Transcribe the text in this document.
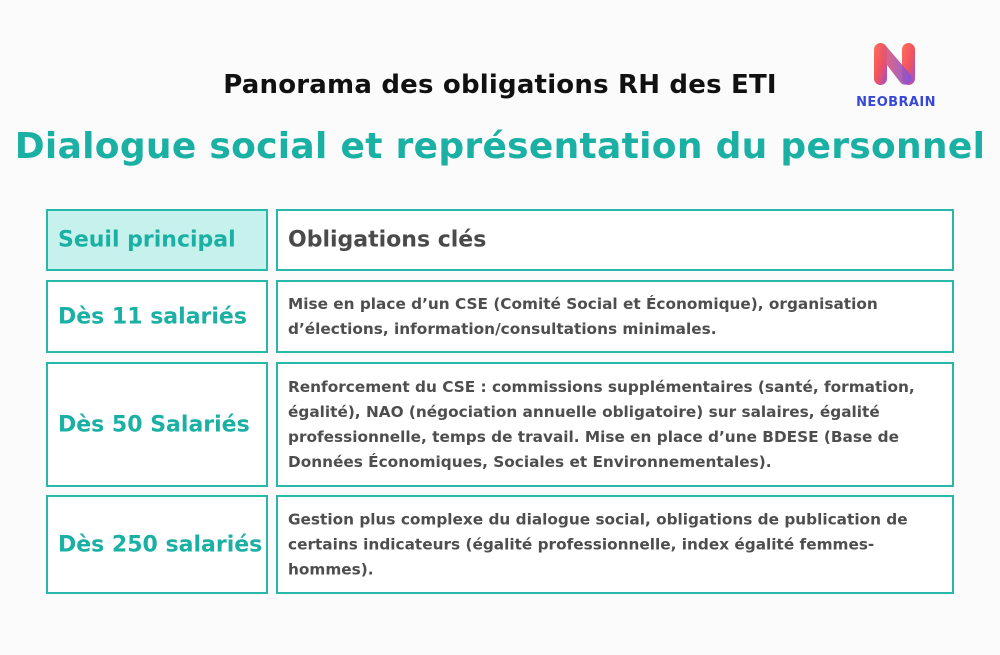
Panorama des obligations RH des ETI
Dialogue social et représentation du personnel
NEOBRAIN
Seuil principal	Obligations clés
Dès 11 salariés
Mise en place d’un CSE (Comité Social et Économique), organisation d’élections, information/consultations minimales.
Dès 50 Salariés
Renforcement du CSE : commissions supplémentaires (santé, formation, égalité), NAO (négociation annuelle obligatoire) sur salaires, égalité professionnelle, temps de travail. Mise en place d’une BDESE (Base de Données Économiques, Sociales et Environnementales).
Dès 250 salariés
Gestion plus complexe du dialogue social, obligations de publication de certains indicateurs (égalité professionnelle, index égalité femmes-hommes).
